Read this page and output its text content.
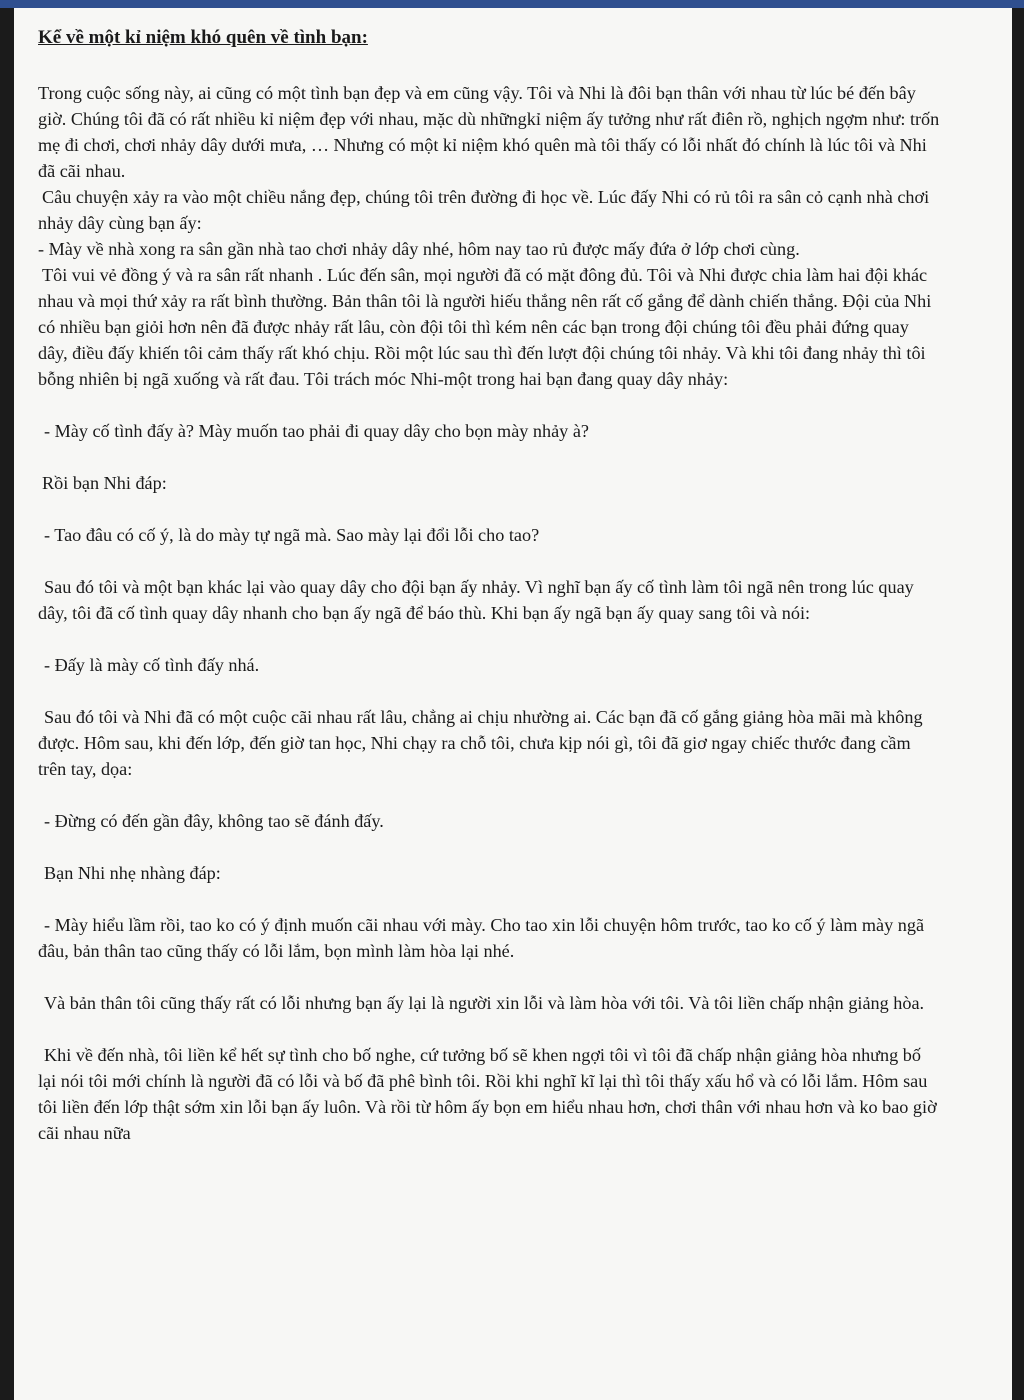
Kể về một kỉ niệm khó quên về tình bạn:

Trong cuộc sống này, ai cũng có một tình bạn đẹp và em cũng vậy. Tôi và Nhi là đôi bạn thân với nhau từ lúc bé đến bây giờ. Chúng tôi đã có rất nhiều kỉ niệm đẹp với nhau, mặc dù nhữngkỉ niệm ấy tưởng như rất điên rồ, nghịch ngợm như: trốn mẹ đi chơi, chơi nhảy dây dưới mưa, … Nhưng có một kỉ niệm khó quên mà tôi thấy có lỗi nhất đó chính là lúc tôi và Nhi đã cãi nhau.

Câu chuyện xảy ra vào một chiều nắng đẹp, chúng tôi trên đường đi học về. Lúc đấy Nhi có rủ tôi ra sân cỏ cạnh nhà chơi nhảy dây cùng bạn ấy:

- Mày về nhà xong ra sân gần nhà tao chơi nhảy dây nhé, hôm nay tao rủ được mấy đứa ở lớp chơi cùng.

Tôi vui vẻ đồng ý và ra sân rất nhanh . Lúc đến sân, mọi người đã có mặt đông đủ. Tôi và Nhi được chia làm hai đội khác nhau và mọi thứ xảy ra rất bình thường. Bản thân tôi là người hiếu thắng nên rất cố gắng để dành chiến thắng. Đội của Nhi có nhiều bạn giỏi hơn nên đã được nhảy rất lâu, còn đội tôi thì kém nên các bạn trong đội chúng tôi đều phải đứng quay dây, điều đấy khiến tôi cảm thấy rất khó chịu. Rồi một lúc sau thì đến lượt đội chúng tôi nhảy. Và khi tôi đang nhảy thì tôi bỗng nhiên bị ngã xuống và rất đau. Tôi trách móc Nhi-một trong hai bạn đang quay dây nhảy:

- Mày cố tình đấy à? Mày muốn tao phải đi quay dây cho bọn mày nhảy à?

Rồi bạn Nhi đáp:

- Tao đâu có cố ý, là do mày tự ngã mà. Sao mày lại đổi lỗi cho tao?

Sau đó tôi và một bạn khác lại vào quay dây cho đội bạn ấy nhảy. Vì nghĩ bạn ấy cố tình làm tôi ngã nên trong lúc quay dây, tôi đã cố tình quay dây nhanh cho bạn ấy ngã để báo thù. Khi bạn ấy ngã bạn ấy quay sang tôi và nói:

- Đấy là mày cố tình đấy nhá.

Sau đó tôi và Nhi đã có một cuộc cãi nhau rất lâu, chẳng ai chịu nhường ai. Các bạn đã cố gắng giảng hòa mãi mà không được. Hôm sau, khi đến lớp, đến giờ tan học, Nhi chạy ra chỗ tôi, chưa kịp nói gì, tôi đã giơ ngay chiếc thước đang cầm trên tay, dọa:

- Đừng có đến gần đây, không tao sẽ đánh đấy.

Bạn Nhi nhẹ nhàng đáp:

- Mày hiểu lầm rồi, tao ko có ý định muốn cãi nhau với mày. Cho tao xin lỗi chuyện hôm trước, tao ko cố ý làm mày ngã đâu, bản thân tao cũng thấy có lỗi lắm, bọn mình làm hòa lại nhé.

Và bản thân tôi cũng thấy rất có lỗi nhưng bạn ấy lại là người xin lỗi và làm hòa với tôi. Và tôi liền chấp nhận giảng hòa.

Khi về đến nhà, tôi liền kể hết sự tình cho bố nghe, cứ tưởng bố sẽ khen ngợi tôi vì tôi đã chấp nhận giảng hòa nhưng bố lại nói tôi mới chính là người đã có lỗi và bố đã phê bình tôi. Rồi khi nghĩ kĩ lại thì tôi thấy xấu hổ và có lỗi lắm. Hôm sau tôi liền đến lớp thật sớm xin lỗi bạn ấy luôn. Và rồi từ hôm ấy bọn em hiểu nhau hơn, chơi thân với nhau hơn và ko bao giờ cãi nhau nữa
